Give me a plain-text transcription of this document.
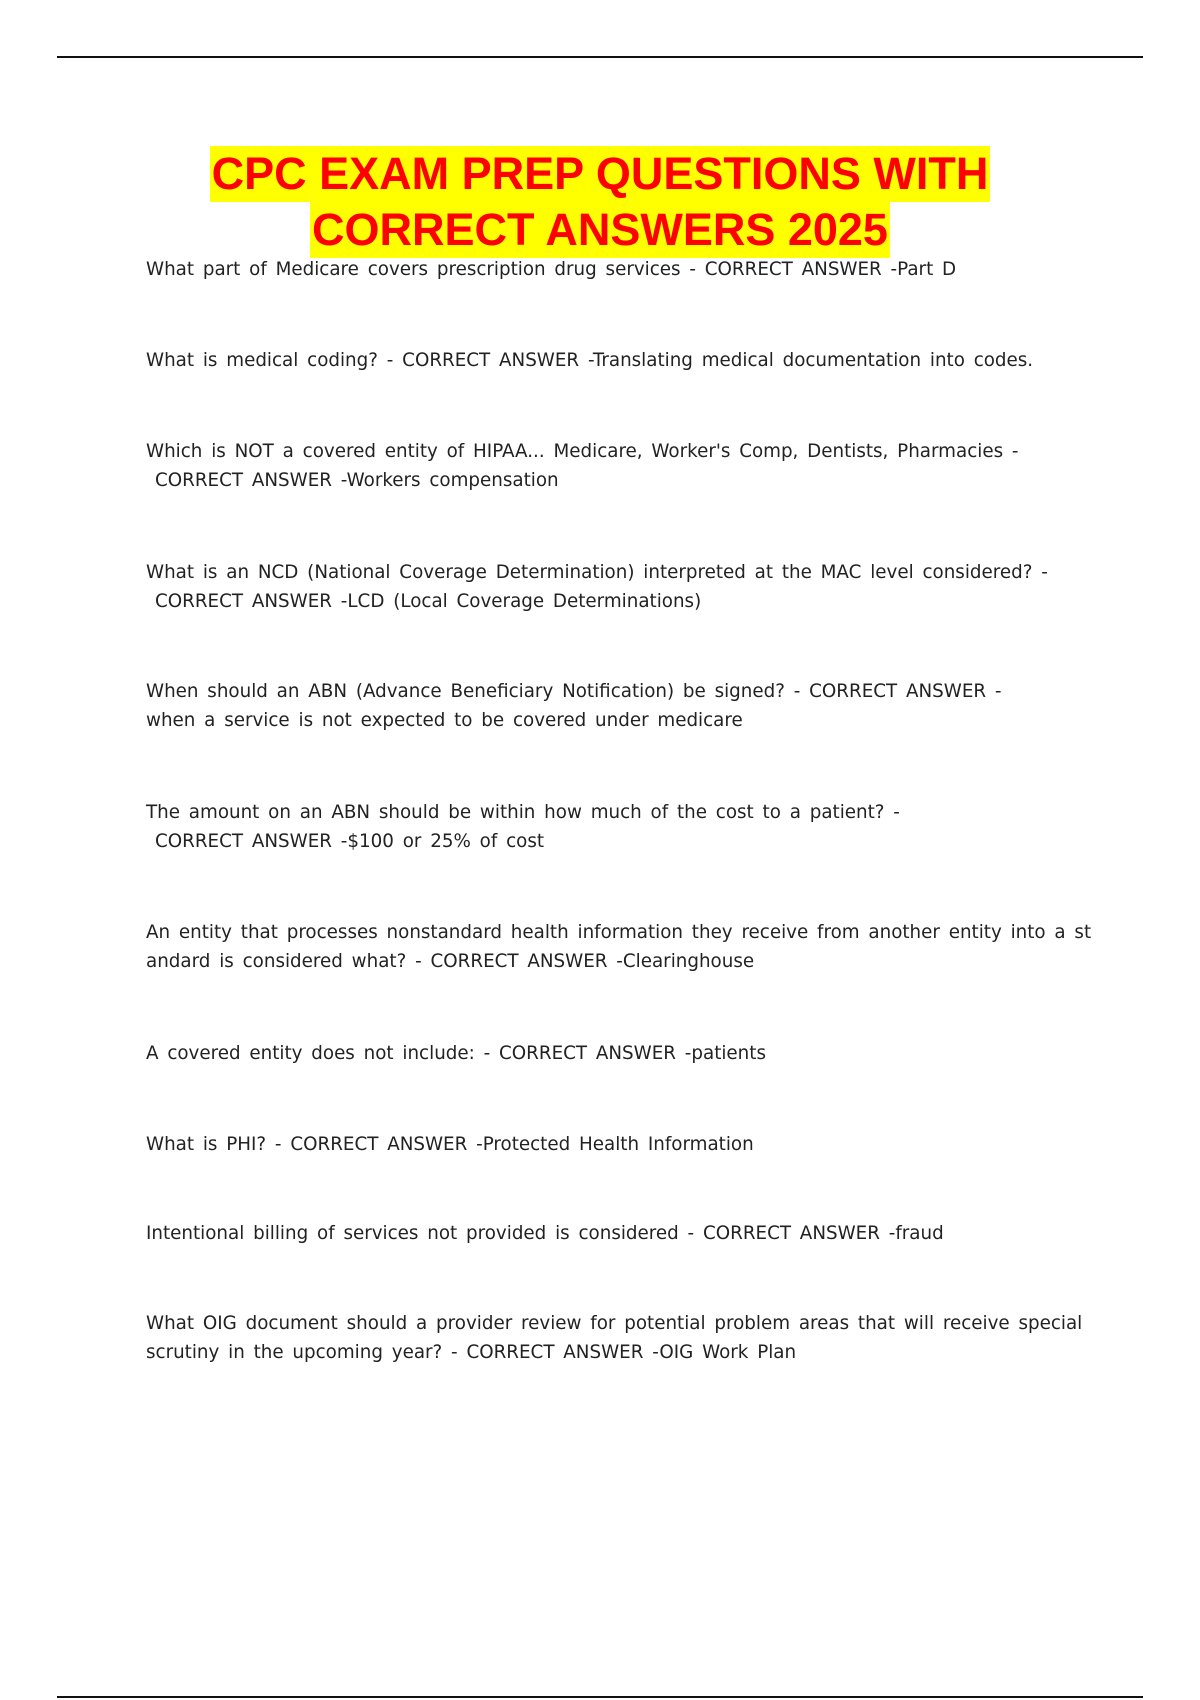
CPC EXAM PREP QUESTIONS WITH
CORRECT ANSWERS 2025
What part of Medicare covers prescription drug services - CORRECT ANSWER -Part D
What is medical coding? - CORRECT ANSWER -Translating medical documentation into codes.
Which is NOT a covered entity of HIPAA... Medicare, Worker's Comp, Dentists, Pharmacies - CORRECT ANSWER -Workers compensation
What is an NCD (National Coverage Determination) interpreted at the MAC level considered? - CORRECT ANSWER -LCD (Local Coverage Determinations)
When should an ABN (Advance Beneficiary Notification) be signed? - CORRECT ANSWER - when a service is not expected to be covered under medicare
The amount on an ABN should be within how much of the cost to a patient? - CORRECT ANSWER -$100 or 25% of cost
An entity that processes nonstandard health information they receive from another entity into a st andard is considered what? - CORRECT ANSWER -Clearinghouse
A covered entity does not include: - CORRECT ANSWER -patients
What is PHI? - CORRECT ANSWER -Protected Health Information
Intentional billing of services not provided is considered - CORRECT ANSWER -fraud
What OIG document should a provider review for potential problem areas that will receive special scrutiny in the upcoming year? - CORRECT ANSWER -OIG Work Plan
